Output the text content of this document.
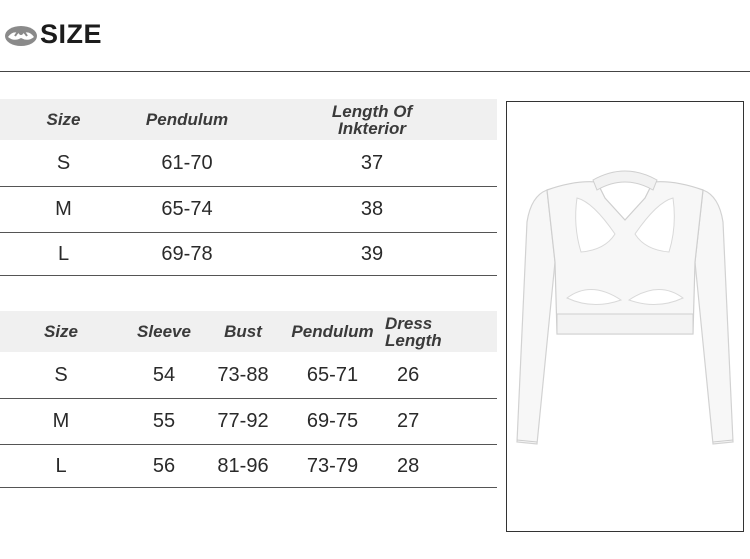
SIZE
Size	Pendulum	Length Of
Inkterior
S	61-70	37
M	65-74	38
L	69-78	39
Size	Sleeve	Bust	Pendulum	Dress
Length
S	54	73-88	65-71	26
M	55	77-92	69-75	27
L	56	81-96	73-79	28
